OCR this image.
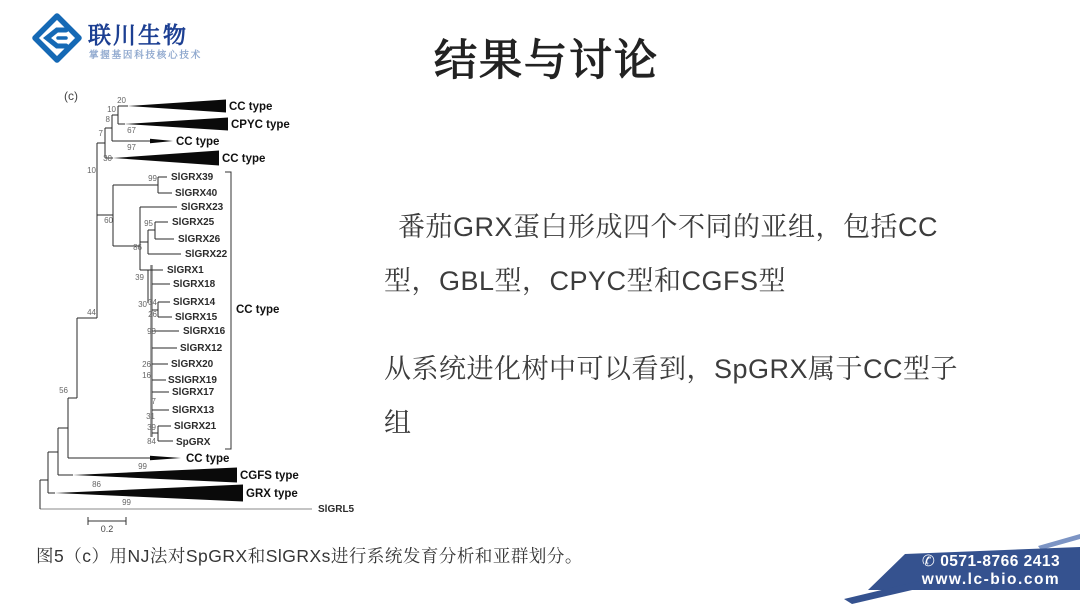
联川生物
掌握基因科技核心技术	结果与讨论
0.2
(c)
CC type
CPYC type
CC type
CC type
CC type
CC type
CGFS type
GRX type
SlGRX39
SlGRX40
SlGRX23
SlGRX25
SlGRX26
SlGRX22
SlGRX1
SlGRX18
SlGRX14
SlGRX15
SlGRX16
SlGRX12
SlGRX20
SSlGRX19
SlGRX17
SlGRX13
SlGRX21
SpGRX
SlGRL5
20
10
8
67
7
97
30
10
99
60	95
86
39
30 34
26
93
44
26
16
7
31
39
84
56
99
86
99

番茄GRX蛋白形成四个不同的亚组，包括CC型，GBL型，CPYC型和CGFS型

从系统进化树中可以看到，SpGRX属于CC型子组

图5（c）用NJ法对SpGRX和SlGRXs进行系统发育分析和亚群划分。	✆ 0571-8766 2413
www.lc-bio.com
